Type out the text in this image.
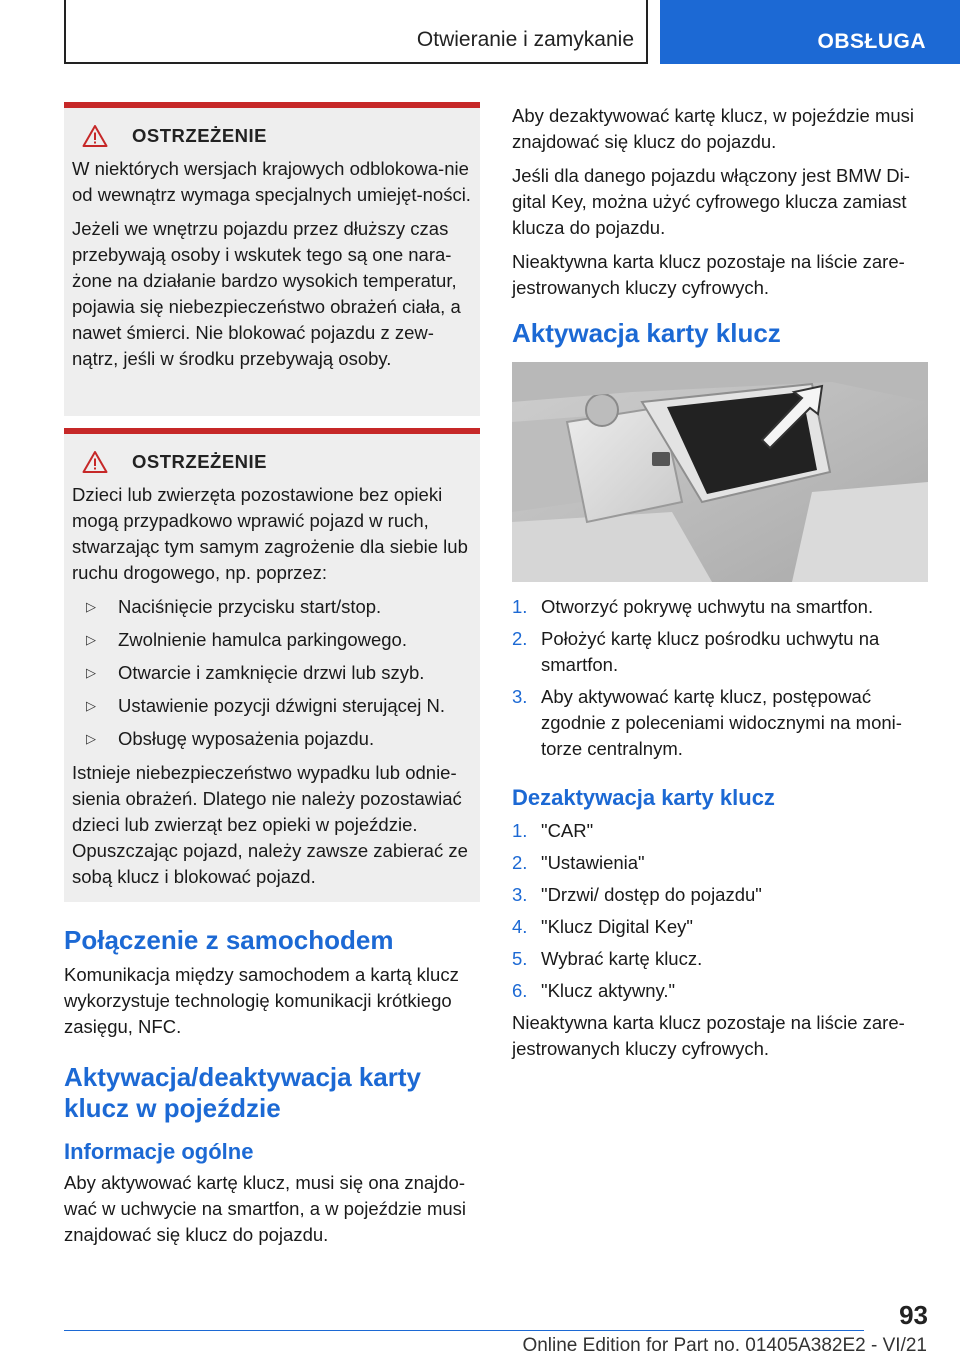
Otwieranie i zamykanie	OBSŁUGA
OSTRZEŻENIE

W niektórych wersjach krajowych odblokowa-nie od wewnątrz wymaga specjalnych umiejęt-ności.

Jeżeli we wnętrzu pojazdu przez dłuższy czas przebywają osoby i wskutek tego są one nara-żone na działanie bardzo wysokich temperatur, pojawia się niebezpieczeństwo obrażeń ciała, a nawet śmierci. Nie blokować pojazdu z zew-nątrz, jeśli w środku przebywają osoby.

OSTRZEŻENIE

Dzieci lub zwierzęta pozostawione bez opieki mogą przypadkowo wprawić pojazd w ruch, stwarzając tym samym zagrożenie dla siebie lub ruchu drogowego, np. poprzez:

▷ Naciśnięcie przycisku start/stop.
▷ Zwolnienie hamulca parkingowego.
▷ Otwarcie i zamknięcie drzwi lub szyb.
▷ Ustawienie pozycji dźwigni sterującej N.
▷ Obsługę wyposażenia pojazdu.

Istnieje niebezpieczeństwo wypadku lub odnie-sienia obrażeń. Dlatego nie należy pozostawiać dzieci lub zwierząt bez opieki w pojeździe. Opuszczając pojazd, należy zawsze zabierać ze sobą klucz i blokować pojazd.

Połączenie z samochodem

Komunikacja między samochodem a kartą klucz wykorzystuje technologię komunikacji krótkiego zasięgu, NFC.

Aktywacja/deaktywacja karty klucz w pojeździe
Informacje ogólne

Aby aktywować kartę klucz, musi się ona znajdo-wać w uchwycie na smartfon, a w pojeździe musi znajdować się klucz do pojazdu.

Aby dezaktywować kartę klucz, w pojeździe musi znajdować się klucz do pojazdu.

Jeśli dla danego pojazdu włączony jest BMW Di-gital Key, można użyć cyfrowego klucza zamiast klucza do pojazdu.

Nieaktywna karta klucz pozostaje na liście zare-jestrowanych kluczy cyfrowych.

Aktywacja karty klucz
1. Otworzyć pokrywę uchwytu na smartfon.
2. Położyć kartę klucz pośrodku uchwytu na smartfon.
3. Aby aktywować kartę klucz, postępować zgodnie z poleceniami widocznymi na moni-torze centralnym.
Dezaktywacja karty klucz
1. "CAR"
2. "Ustawienia"
3. "Drzwi/ dostęp do pojazdu"
4. "Klucz Digital Key"
5. Wybrać kartę klucz.
6. "Klucz aktywny."

Nieaktywna karta klucz pozostaje na liście zare-jestrowanych kluczy cyfrowych.

93
Online Edition for Part no. 01405A382E2 - VI/21
